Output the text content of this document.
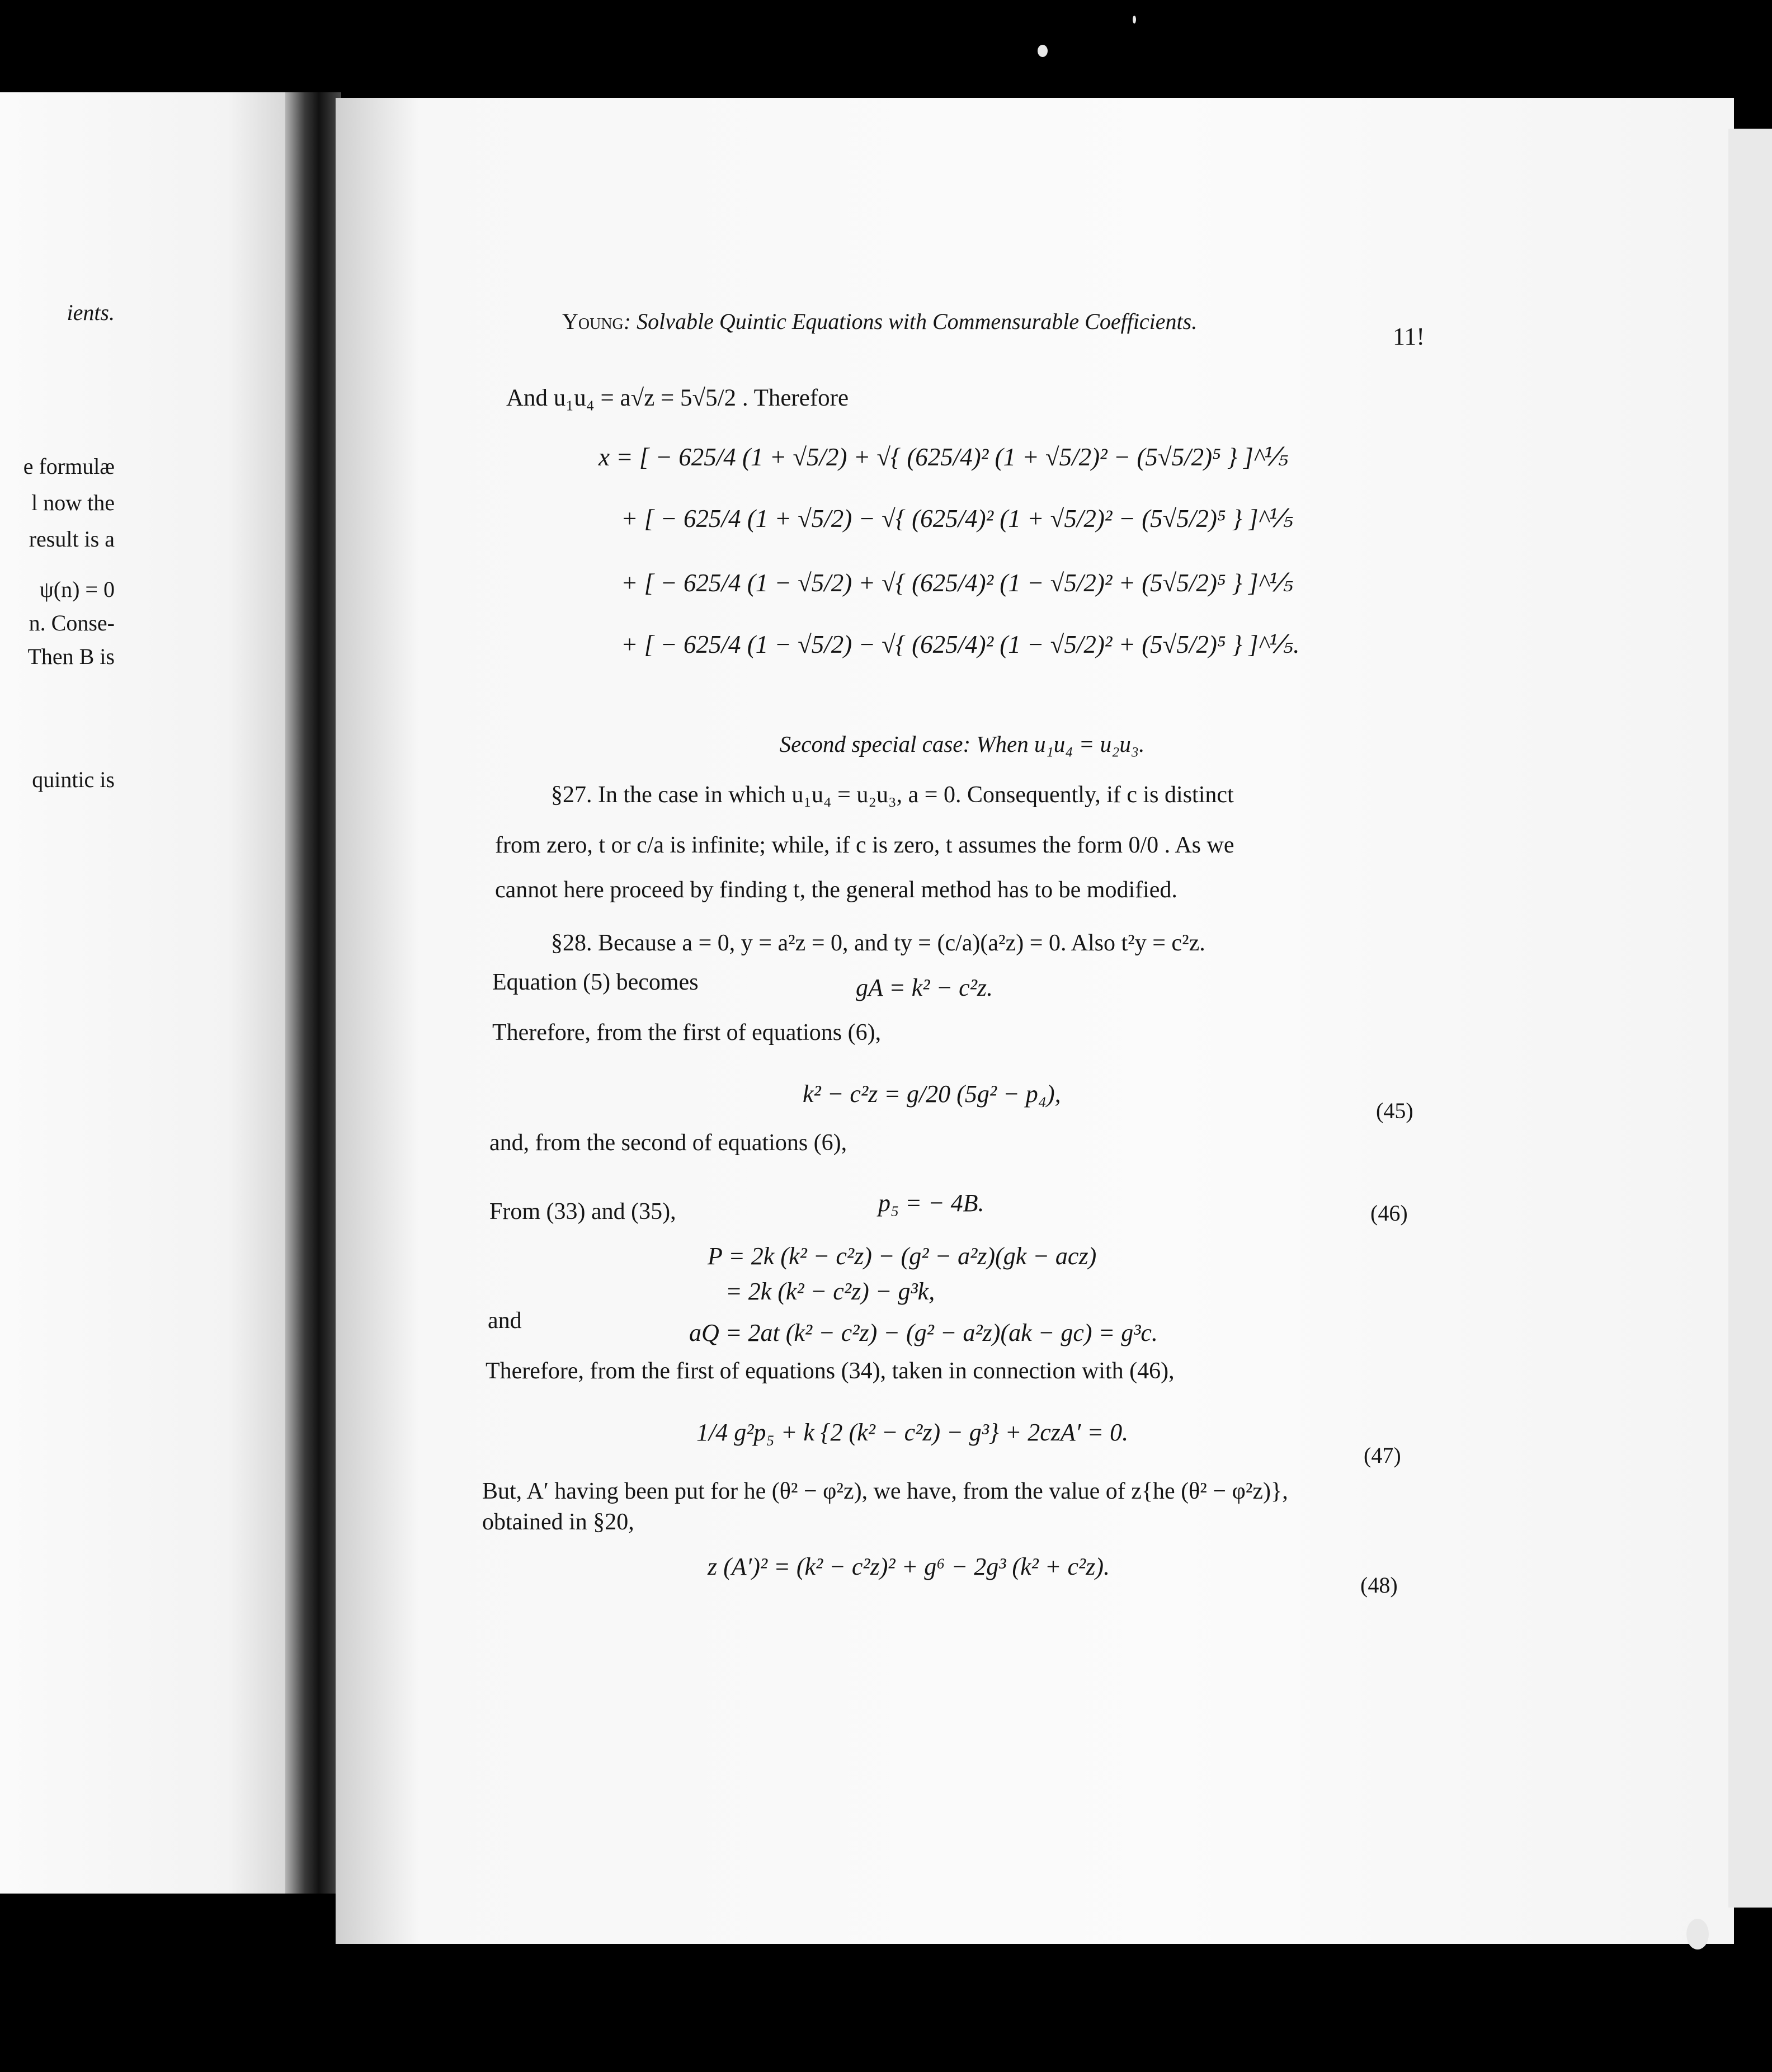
ients.
e formulæ
l now the
result is a
ψ(n) = 0
n. Conse-
Then B is
quintic is
Young: Solvable Quintic Equations with Commensurable Coefficients.
11!
And u₁u₄ = a√z = 5√5/2 . Therefore
x = [ − 625/4 (1 + √5/2) + √{ (625/4)² (1 + √5/2)² − (5√5/2)⁵ } ]^⅕
+ [ − 625/4 (1 + √5/2) − √{ (625/4)² (1 + √5/2)² − (5√5/2)⁵ } ]^⅕
+ [ − 625/4 (1 − √5/2) + √{ (625/4)² (1 − √5/2)² + (5√5/2)⁵ } ]^⅕
+ [ − 625/4 (1 − √5/2) − √{ (625/4)² (1 − √5/2)² + (5√5/2)⁵ } ]^⅕.
Second special case: When u₁u₄ = u₂u₃.
§27. In the case in which u₁u₄ = u₂u₃, a = 0. Consequently, if c is distinct
from zero, t or c/a is infinite; while, if c is zero, t assumes the form 0/0 . As we
cannot here proceed by finding t, the general method has to be modified.
§28. Because a = 0, y = a²z = 0, and ty = (c/a)(a²z) = 0. Also t²y = c²z.
Equation (5) becomes	gA = k² − c²z.
Therefore, from the first of equations (6),
k² − c²z = g/20 (5g² − p₄),
(45)
and, from the second of equations (6),
From (33) and (35),	p₅ = − 4B.	(46)
P = 2k (k² − c²z) − (g² − a²z)(gk − acz)
= 2k (k² − c²z) − g³k,
and	aQ = 2at (k² − c²z) − (g² − a²z)(ak − gc) = g³c.
Therefore, from the first of equations (34), taken in connection with (46),
1/4 g²p₅ + k {2 (k² − c²z) − g³} + 2czA′ = 0.
(47)
But, A′ having been put for he (θ² − φ²z), we have, from the value of z{he (θ² − φ²z)},
obtained in §20,
z (A′)² = (k² − c²z)² + g⁶ − 2g³ (k² + c²z).
(48)
